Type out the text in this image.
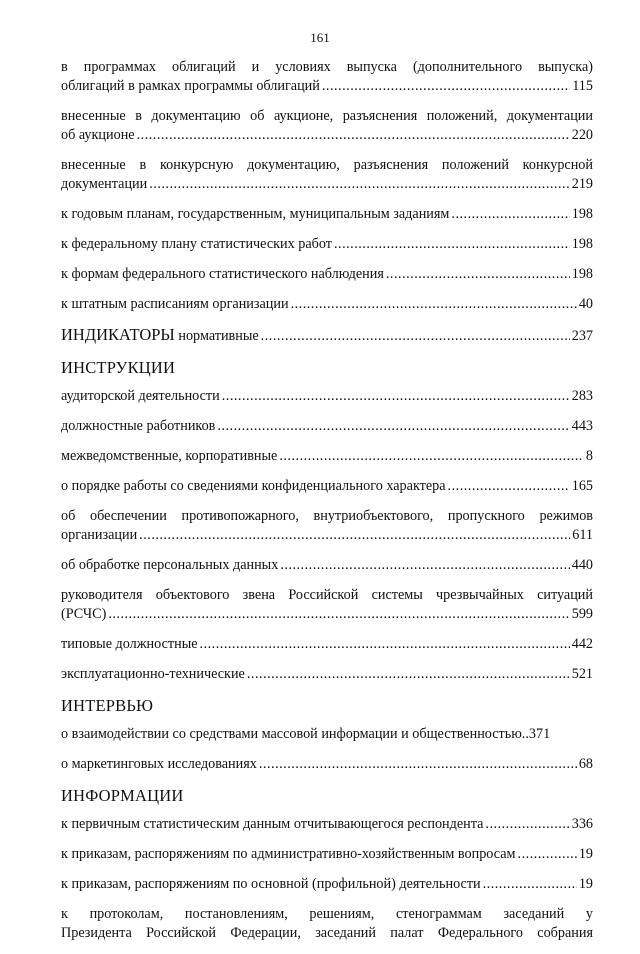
161
в программах облигаций и условиях выпуска (дополнительного выпуска)
облигаций в рамках программы облигаций .....	115
внесенные в документацию об аукционе, разъяснения положений, документации
об аукционе .....	220
внесенные в конкурсную документацию, разъяснения положений конкурсной
документации .....	219
к годовым планам, государственным, муниципальным заданиям .....	198
к федеральному плану статистических работ .....	198
к формам федерального статистического наблюдения .....	198
к штатным расписаниям организации .....	40
ИНДИКАТОРЫ нормативные .....	237
ИНСТРУКЦИИ
аудиторской деятельности .....	283
должностные работников .....	443
межведомственные, корпоративные .....	8
о порядке работы со сведениями конфиденциального характера .....	165
об обеспечении противопожарного, внутриобъектового, пропускного режимов
организации .....	611
об обработке персональных данных .....	440
руководителя объектового звена Российской системы чрезвычайных ситуаций
(РСЧС) .....	599
типовые должностные .....	442
эксплуатационно-технические .....	521
ИНТЕРВЬЮ
о взаимодействии со средствами массовой информации и общественностью.. 371
о маркетинговых исследованиях .....	68
ИНФОРМАЦИИ
к первичным статистическим данным отчитывающегося респондента .....	336
к приказам, распоряжениям по административно-хозяйственным вопросам .....	19
к приказам, распоряжениям по основной (профильной) деятельности .....	19
к протоколам, постановлениям, решениям, стенограммам заседаний у
Президента Российской Федерации, заседаний палат Федерального собрания
